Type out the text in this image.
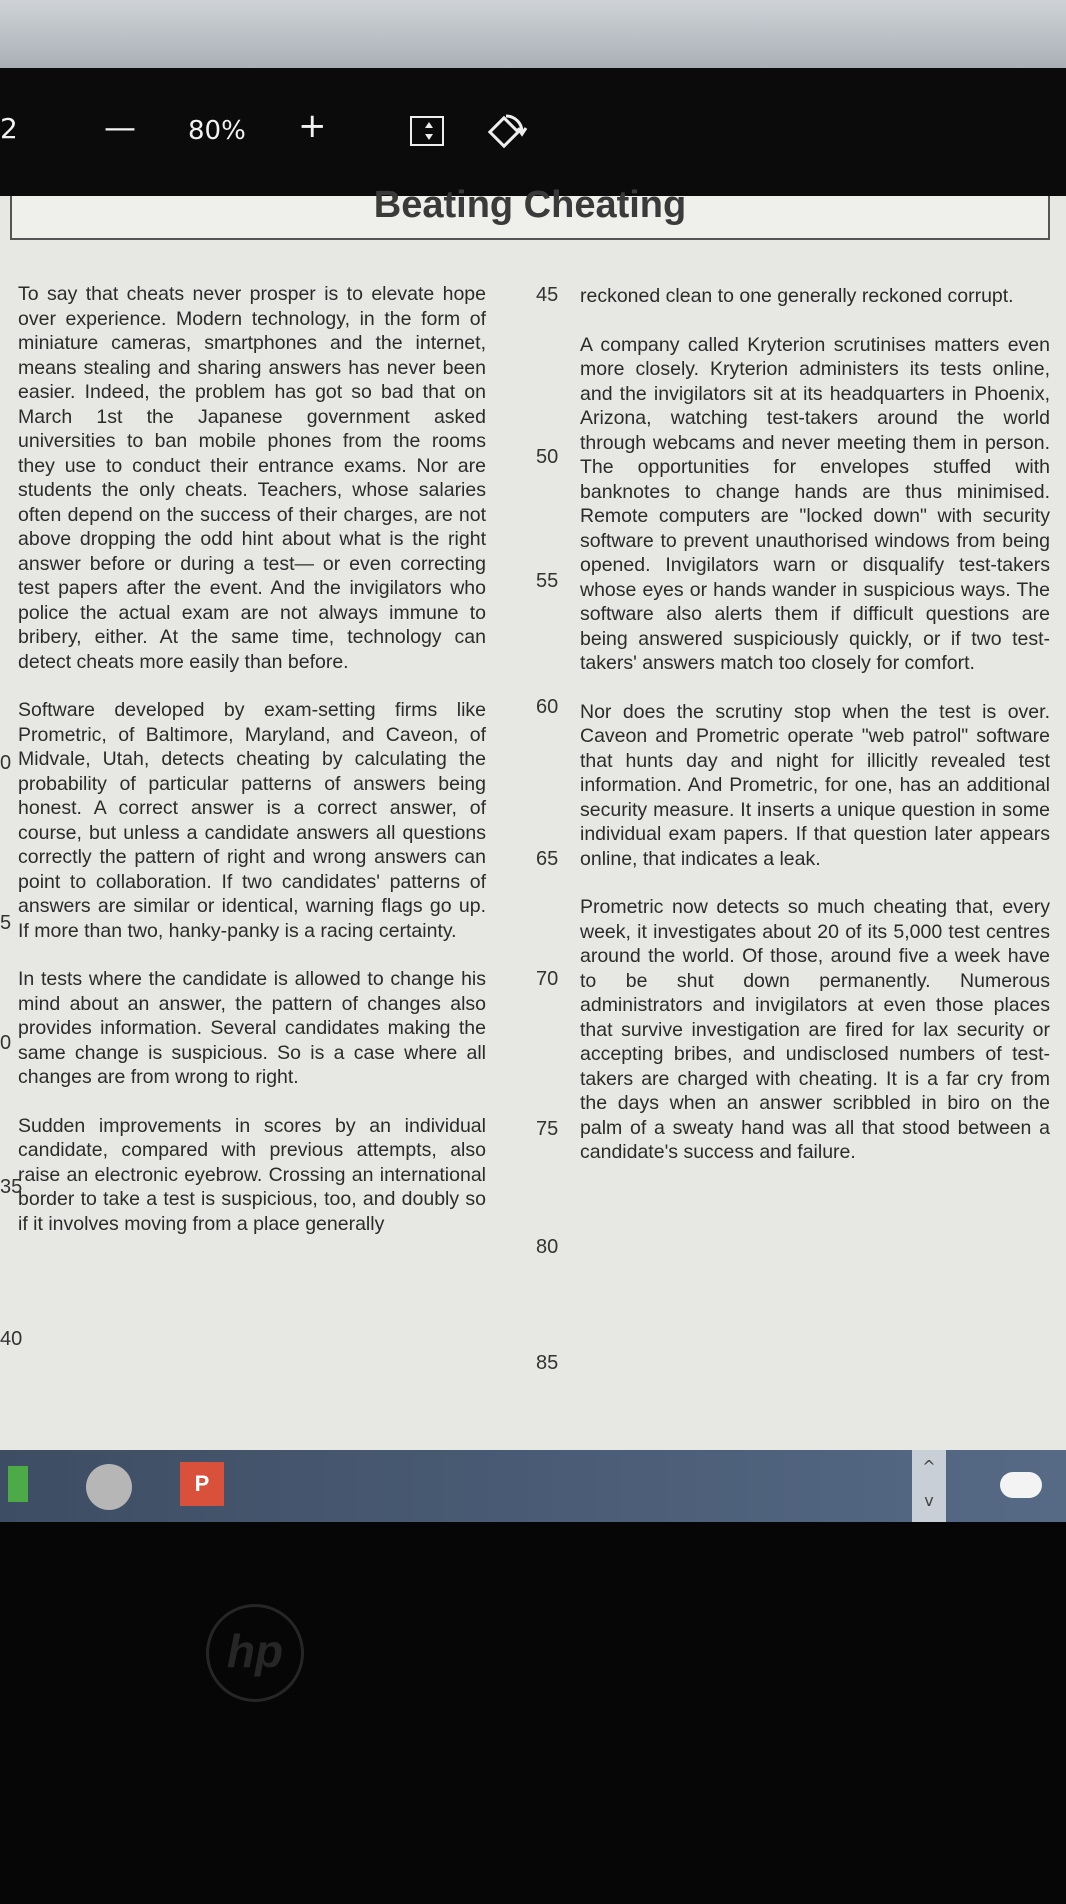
2	— 80% +
Beating Cheating

To say that cheats never prosper is to elevate hope over experience. Modern technology, in the form of miniature cameras, smartphones and the internet, means stealing and sharing answers has never been easier. Indeed, the problem has got so bad that on March 1st the Japanese government asked universities to ban mobile phones from the rooms they use to conduct their entrance exams. Nor are students the only cheats. Teachers, whose salaries often depend on the success of their charges, are not above dropping the odd hint about what is the right answer before or during a test— or even correcting test papers after the event. And the invigilators who police the actual exam are not always immune to bribery, either. At the same time, technology can detect cheats more easily than before.

Software developed by exam-setting firms like Prometric, of Baltimore, Maryland, and Caveon, of Midvale, Utah, detects cheating by calculating the probability of particular patterns of answers being honest. A correct answer is a correct answer, of course, but unless a candidate answers all questions correctly the pattern of right and wrong answers can point to collaboration. If two candidates' patterns of answers are similar or identical, warning flags go up. If more than two, hanky-panky is a racing certainty.

In tests where the candidate is allowed to change his mind about an answer, the pattern of changes also provides information. Several candidates making the same change is suspicious. So is a case where all changes are from wrong to right.

Sudden improvements in scores by an individual candidate, compared with previous attempts, also raise an electronic eyebrow. Crossing an international border to take a test is suspicious, too, and doubly so if it involves moving from a place generally

reckoned clean to one generally reckoned corrupt.

A company called Kryterion scrutinises matters even more closely. Kryterion administers its tests online, and the invigilators sit at its headquarters in Phoenix, Arizona, watching test-takers around the world through webcams and never meeting them in person. The opportunities for envelopes stuffed with banknotes to change hands are thus minimised. Remote computers are "locked down" with security software to prevent unauthorised windows from being opened. Invigilators warn or disqualify test-takers whose eyes or hands wander in suspicious ways. The software also alerts them if difficult questions are being answered suspiciously quickly, or if two test-takers' answers match too closely for comfort.

Nor does the scrutiny stop when the test is over. Caveon and Prometric operate "web patrol" software that hunts day and night for illicitly revealed test information. And Prometric, for one, has an additional security measure. It inserts a unique question in some individual exam papers. If that question later appears online, that indicates a leak.

Prometric now detects so much cheating that, every week, it investigates about 20 of its 5,000 test centres around the world. Of those, around five a week have to be shut down permanently. Numerous administrators and invigilators at even those places that survive investigation are fired for lax security or accepting bribes, and undisclosed numbers of test-takers are charged with cheating. It is a far cry from the days when an answer scribbled in biro on the palm of a sweaty hand was all that stood between a candidate's success and failure.

45
50
55
60
65
70
75
80
85
0
5
0
35
40
P
^
v
hp
